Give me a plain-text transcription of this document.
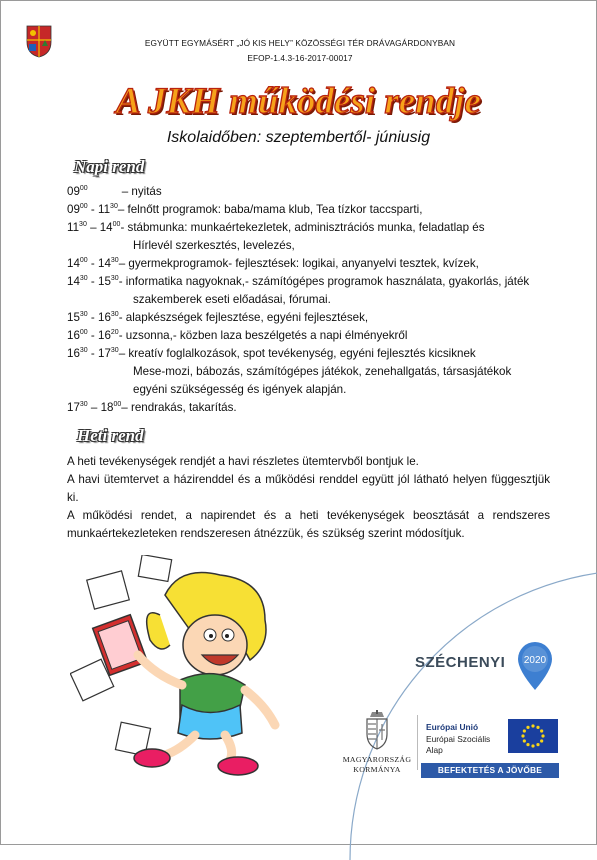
EGYÜTT EGYMÁSÉRT „JÓ KIS HELY” KÖZÖSSÉGI TÉR DRÁVAGÁRDONYBAN
EFOP-1.4.3-16-2017-00017
A JKH működési rendje
Iskolaidőben: szeptembertől- júniusig
Napi rend
$09^{00}$	– nyitás
$09^{00} - 11^{30}$ – felnőtt programok: baba/mama klub, Tea tízkor taccsparti,
$11^{30} - 14^{00}$ - stábmunka: munkaértekezletek, adminisztrációs munka, feladatlap és
Hírlevél szerkesztés, levelezés,
$14^{00} - 14^{30}$ – gyermekprogramok- fejlesztések: logikai, anyanyelvi tesztek, kvízek,
$14^{30} - 15^{30}$ - informatika nagyoknak,- számítógépes programok használata, gyakorlás, játék
szakemberek eseti előadásai, fórumai.
$15^{30} - 16^{30}$ - alapkészségek fejlesztése, egyéni fejlesztések,
$16^{00} - 16^{20}$ - uzsonna,- közben laza beszélgetés a napi élményekről
$16^{30} - 17^{30}$ – kreatív foglalkozások, spot tevékenység, egyéni fejlesztés kicsiknek
Mese-mozi, bábozás, számítógépes játékok, zenehallgatás, társasjátékok
egyéni szükségesség és igények alapján.
$17^{30} - 18^{00}$ – rendrakás, takarítás.
Heti rend
A heti tevékenységek rendjét a havi részletes ütemtervből bontjuk le.
A havi ütemtervet a házirenddel és a működési renddel együtt jól látható helyen függesztjük ki.
A működési rendet, a napirendet és a heti tevékenységek beosztását a rendszeres munkaértekezleteken rendszeresen átnézzük, és szükség szerint módosítjuk.
SZÉCHENYI 2020
MAGYARORSZÁG
KORMÁNYA
Európai Unió
Európai Szociális
Alap
BEFEKTETÉS A JÖVŐBE
